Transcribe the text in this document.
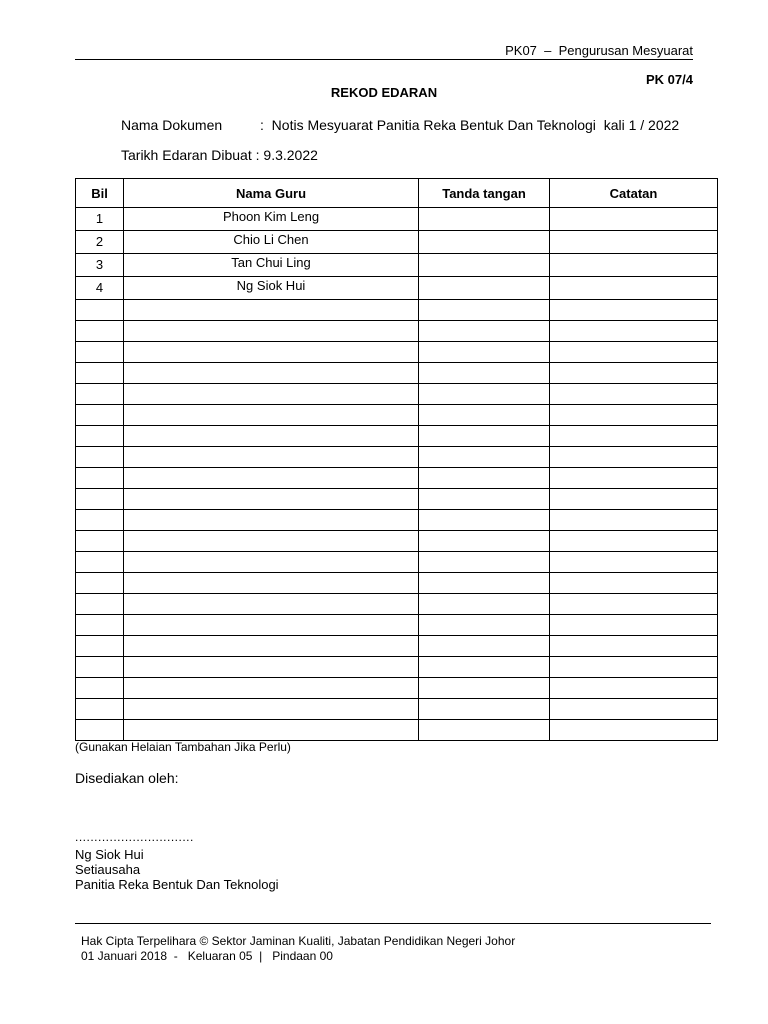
PK07  –  Pengurusan Mesyuarat
PK 07/4
REKOD EDARAN
Nama Dokumen	:  Notis Mesyuarat Panitia Reka Bentuk Dan Teknologi  kali 1 / 2022
Tarikh Edaran Dibuat : 9.3.2022
Bil	Nama Guru	Tanda tangan	Catatan
1	Phoon Kim Leng		
2	Chio Li Chen		
3	Tan Chui Ling		
4	Ng Siok Hui		

(Gunakan Helaian Tambahan Jika Perlu)
Disediakan oleh:
...............................
Ng Siok Hui
Setiausaha
Panitia Reka Bentuk Dan Teknologi
Hak Cipta Terpelihara © Sektor Jaminan Kualiti, Jabatan Pendidikan Negeri Johor
01 Januari 2018  -   Keluaran 05  |   Pindaan 00
